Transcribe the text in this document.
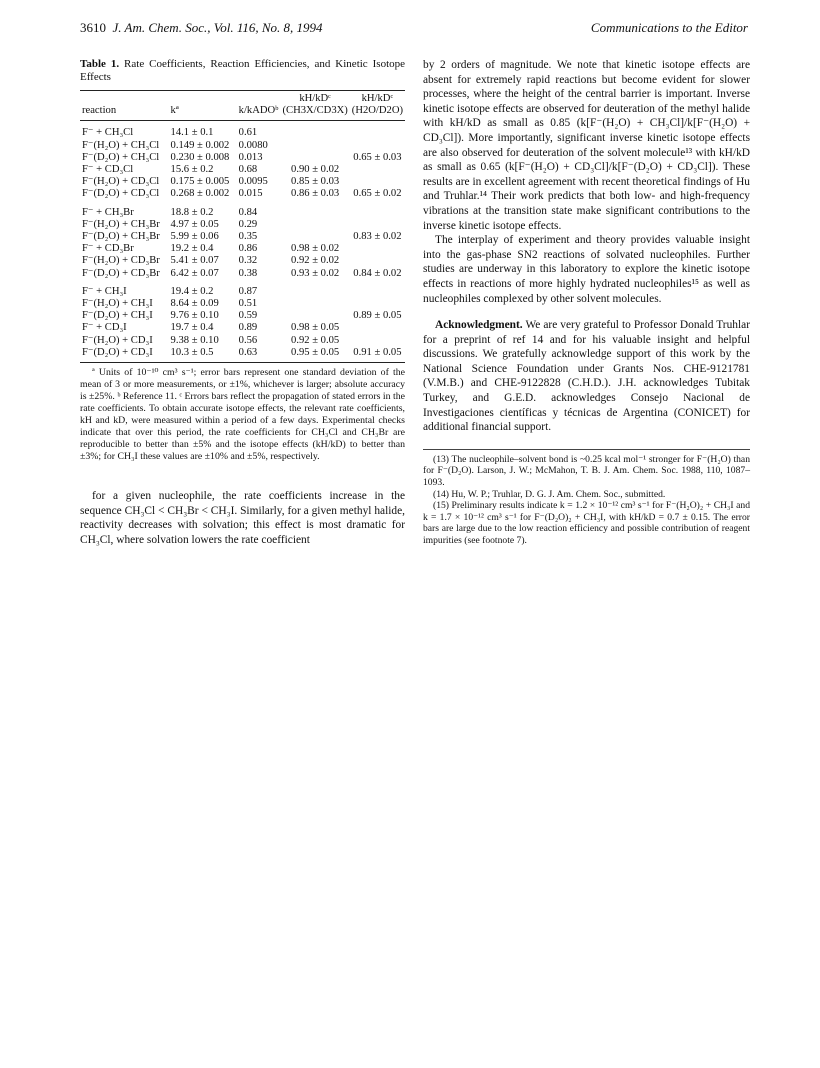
3610 J. Am. Chem. Soc., Vol. 116, No. 8, 1994	Communications to the Editor
Table 1. Rate Coefficients, Reaction Efficiencies, and Kinetic Isotope Effects
reaction	kª	k/kADOᵇ	kH/kDᶜ (CH3X/CD3X)	kH/kDᶜ (H2O/D2O)
F⁻ + CH₃Cl	14.1 ± 0.1	0.61		
F⁻(H₂O) + CH₃Cl	0.149 ± 0.002	0.0080		
F⁻(D₂O) + CH₃Cl	0.230 ± 0.008	0.013		0.65 ± 0.03
F⁻ + CD₃Cl	15.6 ± 0.2	0.68	0.90 ± 0.02	
F⁻(H₂O) + CD₃Cl	0.175 ± 0.005	0.0095	0.85 ± 0.03	
F⁻(D₂O) + CD₃Cl	0.268 ± 0.002	0.015	0.86 ± 0.03	0.65 ± 0.02
F⁻ + CH₃Br	18.8 ± 0.2	0.84		
F⁻(H₂O) + CH₃Br	4.97 ± 0.05	0.29		
F⁻(D₂O) + CH₃Br	5.99 ± 0.06	0.35		0.83 ± 0.02
F⁻ + CD₃Br	19.2 ± 0.4	0.86	0.98 ± 0.02	
F⁻(H₂O) + CD₃Br	5.41 ± 0.07	0.32	0.92 ± 0.02	
F⁻(D₂O) + CD₃Br	6.42 ± 0.07	0.38	0.93 ± 0.02	0.84 ± 0.02
F⁻ + CH₃I	19.4 ± 0.2	0.87		
F⁻(H₂O) + CH₃I	8.64 ± 0.09	0.51		
F⁻(D₂O) + CH₃I	9.76 ± 0.10	0.59		0.89 ± 0.05
F⁻ + CD₃I	19.7 ± 0.4	0.89	0.98 ± 0.05	
F⁻(H₂O) + CD₃I	9.38 ± 0.10	0.56	0.92 ± 0.05	
F⁻(D₂O) + CD₃I	10.3 ± 0.5	0.63	0.95 ± 0.05	0.91 ± 0.05

ª Units of 10⁻¹⁰ cm³ s⁻¹; error bars represent one standard deviation of the mean of 3 or more measurements, or ±1%, whichever is larger; absolute accuracy is ±25%. ᵇ Reference 11. ᶜ Errors bars reflect the propagation of stated errors in the rate coefficients. To obtain accurate isotope effects, the relevant rate coefficients, kH and kD, were measured within a period of a few days. Experimental checks indicate that over this period, the rate coefficients for CH₃Cl and CH₃Br are reproducible to better than ±5% and the isotope effects (kH/kD) to better than ±3%; for CH₃I these values are ±10% and ±5%, respectively.

for a given nucleophile, the rate coefficients increase in the sequence CH₃Cl < CH₃Br < CH₃I. Similarly, for a given methyl halide, reactivity decreases with solvation; this effect is most dramatic for CH₃Cl, where solvation lowers the rate coefficient

by 2 orders of magnitude. We note that kinetic isotope effects are absent for extremely rapid reactions but become evident for slower processes, where the height of the central barrier is important. Inverse kinetic isotope effects are observed for deuteration of the methyl halide with kH/kD as small as 0.85 (k[F⁻(H₂O) + CH₃Cl]/k[F⁻(H₂O) + CD₃Cl]). More importantly, significant inverse kinetic isotope effects are also observed for deuteration of the solvent molecule¹³ with kH/kD as small as 0.65 (k[F⁻(H₂O) + CD₃Cl]/k[F⁻(D₂O) + CD₃Cl]). These results are in excellent agreement with recent theoretical findings of Hu and Truhlar.¹⁴ Their work predicts that both low- and high-frequency vibrations at the transition state make significant contributions to the inverse kinetic isotope effects.

The interplay of experiment and theory provides valuable insight into the gas-phase SN2 reactions of solvated nucleophiles. Further studies are underway in this laboratory to explore the kinetic isotope effects in reactions of more highly hydrated nucleophiles¹⁵ as well as nucleophiles complexed by other solvent molecules.

Acknowledgment. We are very grateful to Professor Donald Truhlar for a preprint of ref 14 and for his valuable insight and helpful discussions. We gratefully acknowledge support of this work by the National Science Foundation under Grants Nos. CHE-9121781 (V.M.B.) and CHE-9122828 (C.H.D.). J.H. acknowledges Tubitak Turkey, and G.E.D. acknowledges Consejo Nacional de Investigaciones científicas y técnicas de Argentina (CONICET) for additional financial support.

(13) The nucleophile–solvent bond is ~0.25 kcal mol⁻¹ stronger for F⁻(H₂O) than for F⁻(D₂O). Larson, J. W.; McMahon, T. B. J. Am. Chem. Soc. 1988, 110, 1087–1093.

(14) Hu, W. P.; Truhlar, D. G. J. Am. Chem. Soc., submitted.

(15) Preliminary results indicate k = 1.2 × 10⁻¹² cm³ s⁻¹ for F⁻(H₂O)₂ + CH₃I and k = 1.7 × 10⁻¹² cm³ s⁻¹ for F⁻(D₂O)₂ + CH₃I, with kH/kD = 0.7 ± 0.15. The error bars are large due to the low reaction efficiency and possible contribution of reagent impurities (see footnote 7).
